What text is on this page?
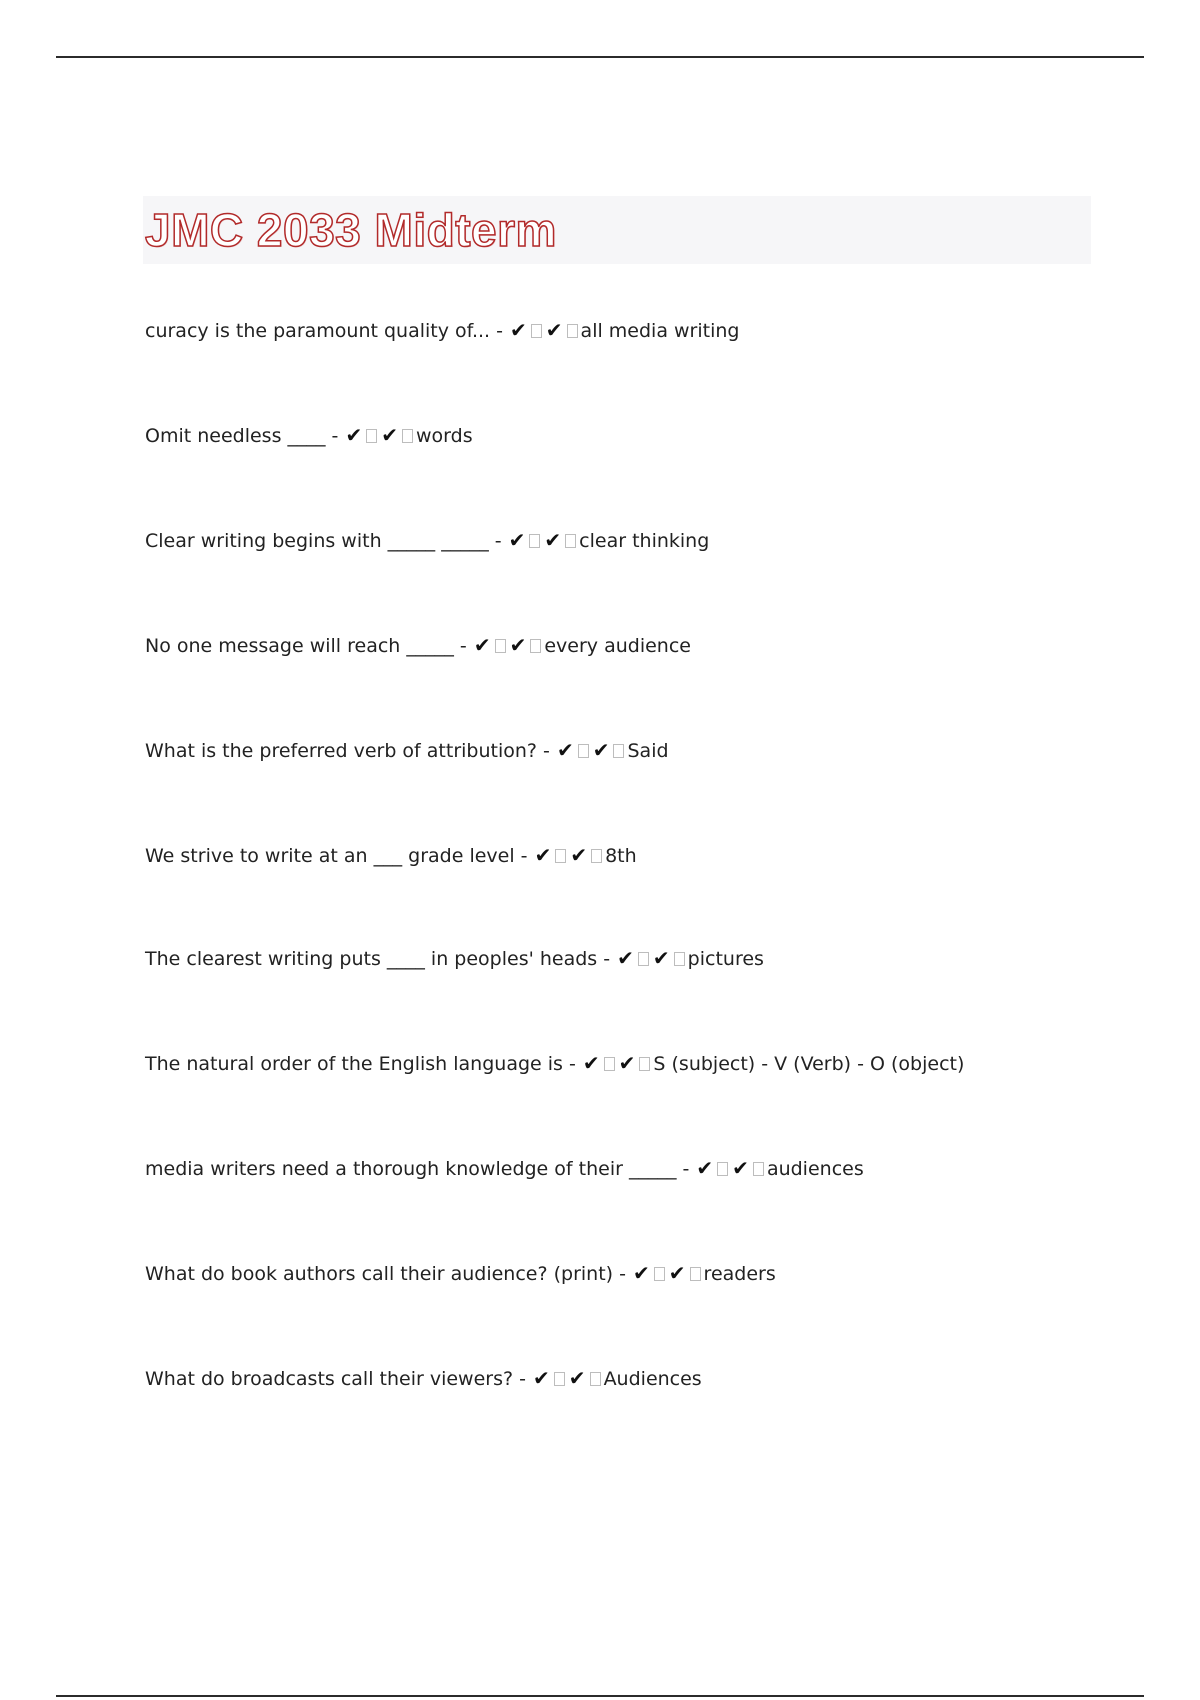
JMC 2033 Midterm
curacy is the paramount quality of... - ✔ ✔ all media writing
Omit needless ____ - ✔ ✔ words
Clear writing begins with _____ _____ - ✔ ✔ clear thinking
No one message will reach _____ - ✔ ✔ every audience
What is the preferred verb of attribution? - ✔ ✔ Said
We strive to write at an ___ grade level - ✔ ✔ 8th
The clearest writing puts ____ in peoples' heads - ✔ ✔ pictures
The natural order of the English language is - ✔ ✔ S (subject) - V (Verb) - O (object)
media writers need a thorough knowledge of their _____ - ✔ ✔ audiences
What do book authors call their audience? (print) - ✔ ✔ readers
What do broadcasts call their viewers? - ✔ ✔ Audiences
